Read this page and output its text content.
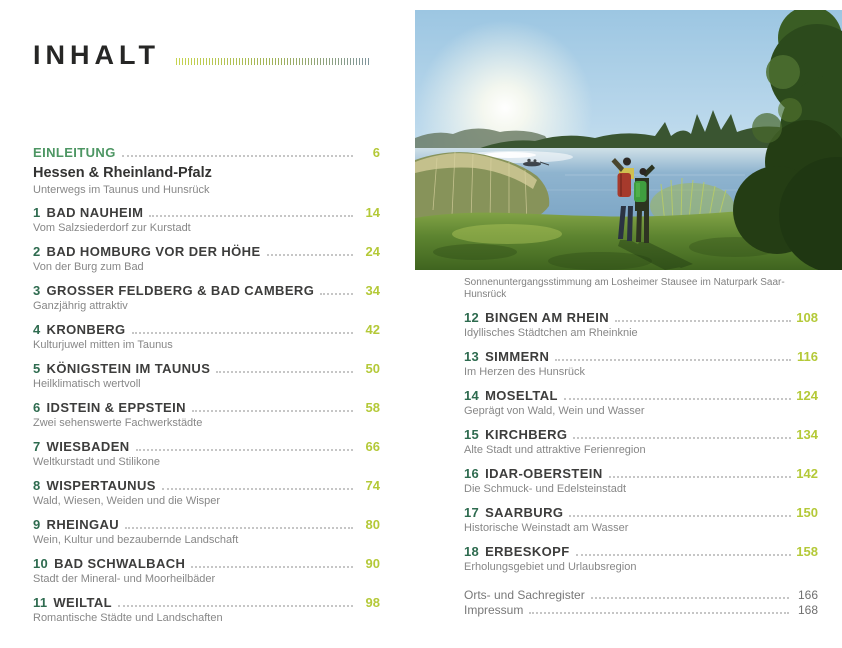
INHALT
EINLEITUNG	6
Hessen & Rheinland-Pfalz
Unterwegs im Taunus und Hunsrück
1 BAD NAUHEIM	14
Vom Salzsiederdorf zur Kurstadt
2 BAD HOMBURG VOR DER HÖHE	24
Von der Burg zum Bad
3 GROSSER FELDBERG & BAD CAMBERG	34
Ganzjährig attraktiv
4 KRONBERG	42
Kulturjuwel mitten im Taunus
5 KÖNIGSTEIN IM TAUNUS	50
Heilklimatisch wertvoll
6 IDSTEIN & EPPSTEIN	58
Zwei sehenswerte Fachwerkstädte
7 WIESBADEN	66
Weltkurstadt und Stilikone
8 WISPERTAUNUS	74
Wald, Wiesen, Weiden und die Wisper
9 RHEINGAU	80
Wein, Kultur und bezaubernde Landschaft
10 BAD SCHWALBACH	90
Stadt der Mineral- und Moorheilbäder
11 WEILTAL	98
Romantische Städte und Landschaften
Sonnenuntergangsstimmung am Losheimer Stausee im Naturpark Saar-Hunsrück
12 BINGEN AM RHEIN	108
Idyllisches Städtchen am Rheinknie
13 SIMMERN	116
Im Herzen des Hunsrück
14 MOSELTAL	124
Geprägt von Wald, Wein und Wasser
15 KIRCHBERG	134
Alte Stadt und attraktive Ferienregion
16 IDAR-OBERSTEIN	142
Die Schmuck- und Edelsteinstadt
17 SAARBURG	150
Historische Weinstadt am Wasser
18 ERBESKOPF	158
Erholungsgebiet und Urlaubsregion
Orts- und Sachregister	166
Impressum	168
